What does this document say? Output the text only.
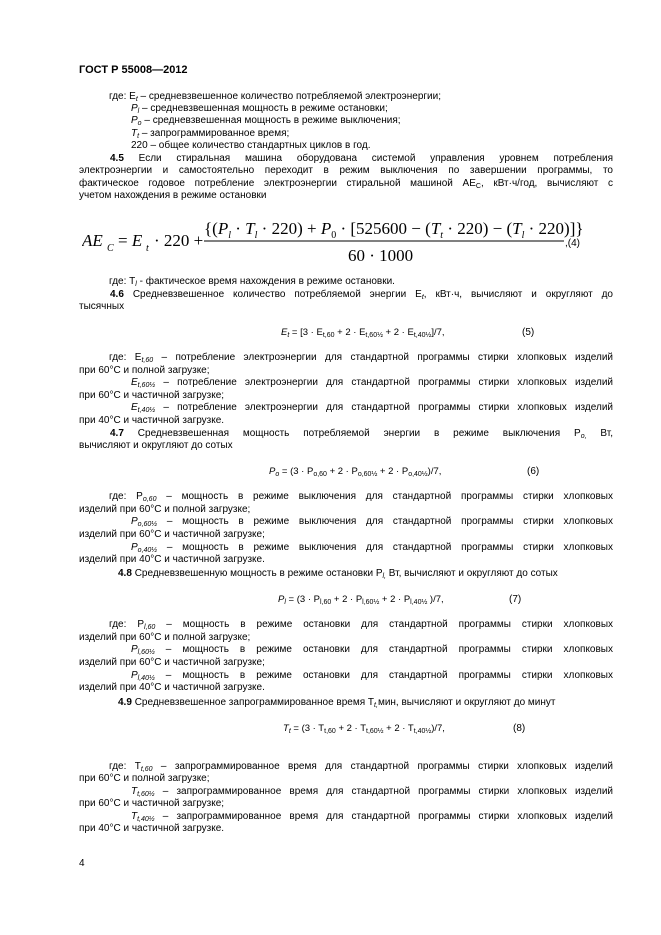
ГОСТ Р 55008—2012
где: $E_t$ – средневзвешенное количество потребляемой электроэнергии;
$P_l$ – средневзвешенная мощность в режиме остановки;
$P_o$ – средневзвешенная мощность в режиме выключения;
$T_t$ – запрограммированное время;
220 – общее количество стандартных циклов в год.
4.5 Если стиральная машина оборудована системой управления уровнем потребления
электроэнергии и самостоятельно переходит в режим выключения по завершении программы, то
фактическое годовое потребление электроэнергии стиральной машиной $AE_C$, кВт·ч/год, вычисляют с
учетом нахождения в режиме остановки
AE C = E t · 220 +
$\{(P_l \cdot T_l \cdot 220) + P_0 \cdot [525600 - (T_t \cdot 220) - (T_l \cdot 220)]\}$
60 · 1000
,(4)
где: $T_l$ - фактическое время нахождения в режиме остановки.
4.6 Средневзвешенное количество потребляемой энергии $E_t$, кВт·ч, вычисляют и округляют до
тысячных
$E_t = [3 \cdot E_{t,60} + 2 \cdot E_{t,60\frac{1}{2}} + 2 \cdot E_{t,40\frac{1}{2}}]/7$,	(5)
где: $E_{t,60}$ – потребление электроэнергии для стандартной программы стирки хлопковых изделий
при 60°С и полной загрузке;
$E_{t,60\frac{1}{2}}$ – потребление электроэнергии для стандартной программы стирки хлопковых изделий
при 60°С и частичной загрузке;
$E_{t,40\frac{1}{2}}$ – потребление электроэнергии для стандартной программы стирки хлопковых изделий
при 40°С и частичной загрузке.
4.7 Средневзвешенная мощность потребляемой энергии в режиме выключения $P_{o,}$ Вт,
вычисляют и округляют до сотых
$P_o = (3 \cdot P_{o,60} + 2 \cdot P_{o,60\frac{1}{2}} + 2 \cdot P_{o,40\frac{1}{2}})/7$,	(6)
где: $P_{o,60}$ – мощность в режиме выключения для стандартной программы стирки хлопковых
изделий при 60°С и полной загрузке;
$P_{o,60\frac{1}{2}}$ – мощность в режиме выключения для стандартной программы стирки хлопковых
изделий при 60°С и частичной загрузке;
$P_{o,40\frac{1}{2}}$ – мощность в режиме выключения для стандартной программы стирки хлопковых
изделий при 40°С и частичной загрузке.
4.8 Средневзвешенную мощность в режиме остановки $P_{l,}$ Вт, вычисляют и округляют до сотых
$P_l = (3 \cdot P_{l,60} + 2 \cdot P_{l,60\frac{1}{2}} + 2 \cdot P_{l,40\frac{1}{2}}$ )/7,	(7)
где: $P_{l,60}$ – мощность в режиме остановки для стандартной программы стирки хлопковых
изделий при 60°С и полной загрузке;
$P_{l,60\frac{1}{2}}$ – мощность в режиме остановки для стандартной программы стирки хлопковых
изделий при 60°С и частичной загрузке;
$P_{l,40\frac{1}{2}}$ – мощность в режиме остановки для стандартной программы стирки хлопковых
изделий при 40°С и частичной загрузке.
4.9 Средневзвешенное запрограммированное время $T_{t,}мин$, вычисляют и округляют до минут
$T_t = (3 \cdot T_{t,60} + 2 \cdot T_{t,60\frac{1}{2}} + 2 \cdot T_{t,40\frac{1}{2}})/7$,	(8)
где: $T_{t,60}$ – запрограммированное время для стандартной программы стирки хлопковых изделий
при 60°С и полной загрузке;
$T_{t,60\frac{1}{2}}$ – запрограммированное время для стандартной программы стирки хлопковых изделий
при 60°С и частичной загрузке;
$T_{t,40\frac{1}{2}}$ – запрограммированное время для стандартной программы стирки хлопковых изделий
при 40°С и частичной загрузке.
4
